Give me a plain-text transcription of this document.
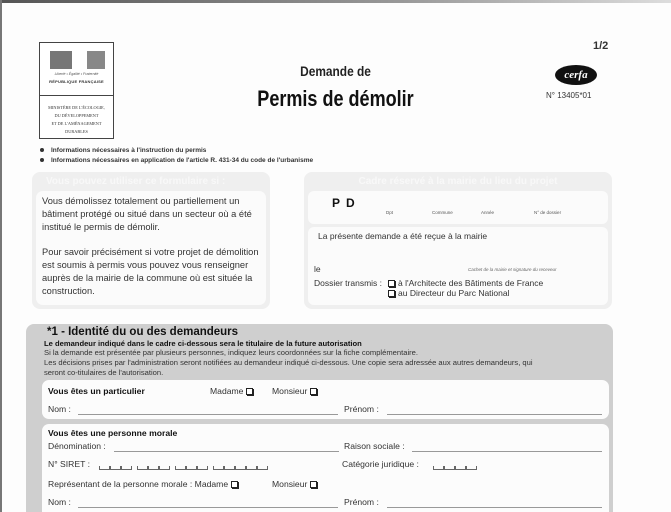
Liberté • Égalité • Fraternité
RÉPUBLIQUE FRANÇAISE
MINISTÈRE DE L'ÉCOLOGIE,
DU DÉVELOPPEMENT
ET DE L'AMÉNAGEMENT
DURABLES
Demande de
Permis de démolir
1/2
cerfa
N° 13405*01
Informations nécessaires à l'instruction du permis
Informations nécessaires en application de l'article R. 431-34 du code de l'urbanisme
Vous pouvez utiliser ce formulaire si :

Vous démolissez totalement ou partiellement un bâtiment protégé ou situé dans un secteur où a été institué le permis de démolir.

Pour savoir précisément si votre projet de démolition est soumis à permis vous pouvez vous renseigner auprès de la mairie de la commune où est située la construction.

Cadre réservé à la mairie du lieu du projet
PD
Dpt	Commune	Année	N° de dossier
La présente demande a été reçue à la mairie
le	Cachet de la mairie et signature du receveur
Dossier transmis :	à l'Architecte des Bâtiments de France
au Directeur du Parc National
*1 - Identité du ou des demandeurs
Le demandeur indiqué dans le cadre ci-dessous sera le titulaire de la future autorisation
Si la demande est présentée par plusieurs personnes, indiquez leurs coordonnées sur la fiche complémentaire.
Les décisions prises par l'administration seront notifiées au demandeur indiqué ci-dessous. Une copie sera adressée aux autres demandeurs, qui
seront co-titulaires de l'autorisation.
Vous êtes un particulier	Madame	Monsieur
Nom :	Prénom :
Vous êtes une personne morale
Dénomination :	Raison sociale :
N° SIRET :	Catégorie juridique :
Représentant de la personne morale : Madame	Monsieur
Nom :	Prénom :
